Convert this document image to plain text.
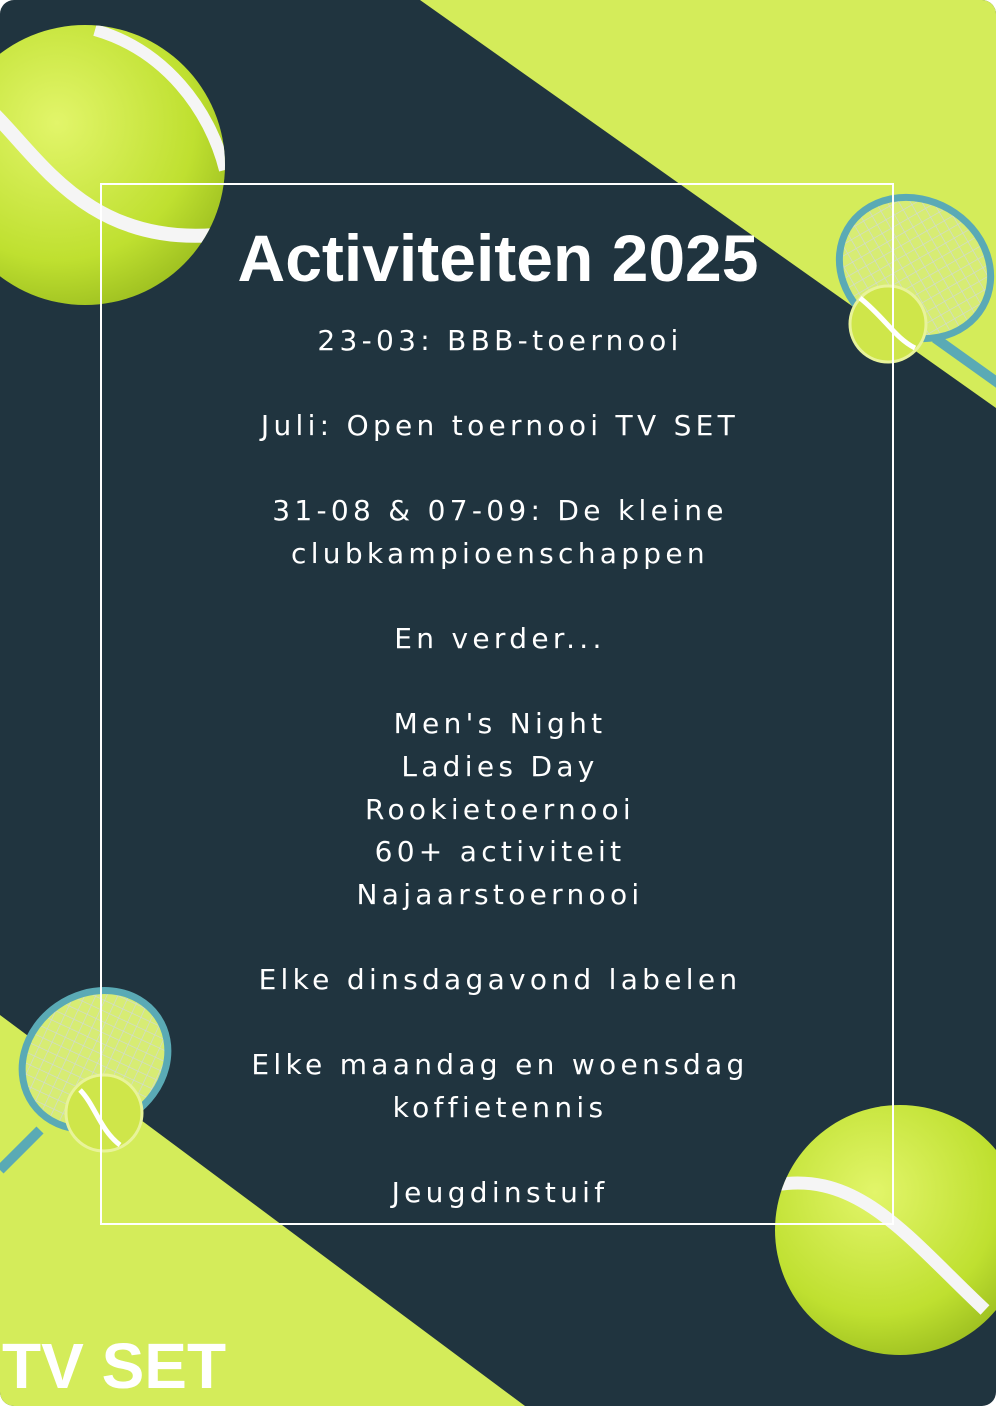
Activiteiten 2025
23-03: BBB-toernooi
Juli: Open toernooi TV SET
31-08 & 07-09: De kleine
clubkampioenschappen
En verder...
Men's Night
Ladies Day
Rookietoernooi
60+ activiteit
Najaarstoernooi
Elke dinsdagavond labelen
Elke maandag en woensdag
koffietennis
Jeugdinstuif
TV SET
